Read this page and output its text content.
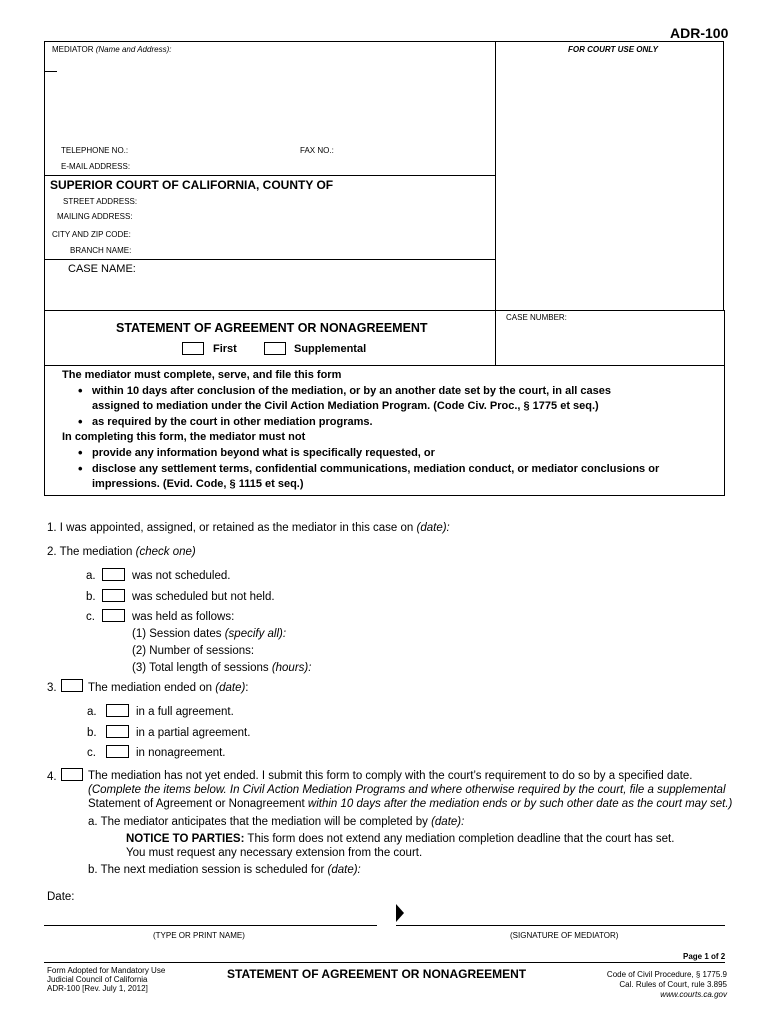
ADR-100
MEDIATOR (Name and Address):	FOR COURT USE ONLY
TELEPHONE NO.:	FAX NO.:
E-MAIL ADDRESS:
SUPERIOR COURT OF CALIFORNIA, COUNTY OF
STREET ADDRESS:
MAILING ADDRESS:
CITY AND ZIP CODE:
BRANCH NAME:
CASE NAME:
CASE NUMBER:
STATEMENT OF AGREEMENT OR NONAGREEMENT
First	Supplemental
The mediator must complete, serve, and file this form
• within 10 days after conclusion of the mediation, or by an another date set by the court, in all cases
assigned to mediation under the Civil Action Mediation Program. (Code Civ. Proc., § 1775 et seq.)
• as required by the court in other mediation programs.
In completing this form, the mediator must not
• provide any information beyond what is specifically requested, or
• disclose any settlement terms, confidential communications, mediation conduct, or mediator conclusions or
impressions. (Evid. Code, § 1115 et seq.)
1. I was appointed, assigned, or retained as the mediator in this case on (date):
2. The mediation (check one)
a.	was not scheduled.
b.	was scheduled but not held.
c.	was held as follows:
(1) Session dates (specify all):
(2) Number of sessions:
(3) Total length of sessions (hours):
3.	The mediation ended on (date):
a.	in a full agreement.
b.	in a partial agreement.
c.	in nonagreement.
4.	The mediation has not yet ended. I submit this form to comply with the court’s requirement to do so by a specified date.
(Complete the items below. In Civil Action Mediation Programs and where otherwise required by the court, file a supplemental
Statement of Agreement or Nonagreement within 10 days after the mediation ends or by such other date as the court may set.)
a. The mediator anticipates that the mediation will be completed by (date):
NOTICE TO PARTIES: This form does not extend any mediation completion deadline that the court has set.
You must request any necessary extension from the court.
b. The next mediation session is scheduled for (date):
Date:
(TYPE OR PRINT NAME)	(SIGNATURE OF MEDIATOR)
Page 1 of 2
Form Adopted for Mandatory Use
Judicial Council of California
ADR-100 [Rev. July 1, 2012]
STATEMENT OF AGREEMENT OR NONAGREEMENT	Code of Civil Procedure, § 1775.9
Cal. Rules of Court, rule 3.895
www.courts.ca.gov
